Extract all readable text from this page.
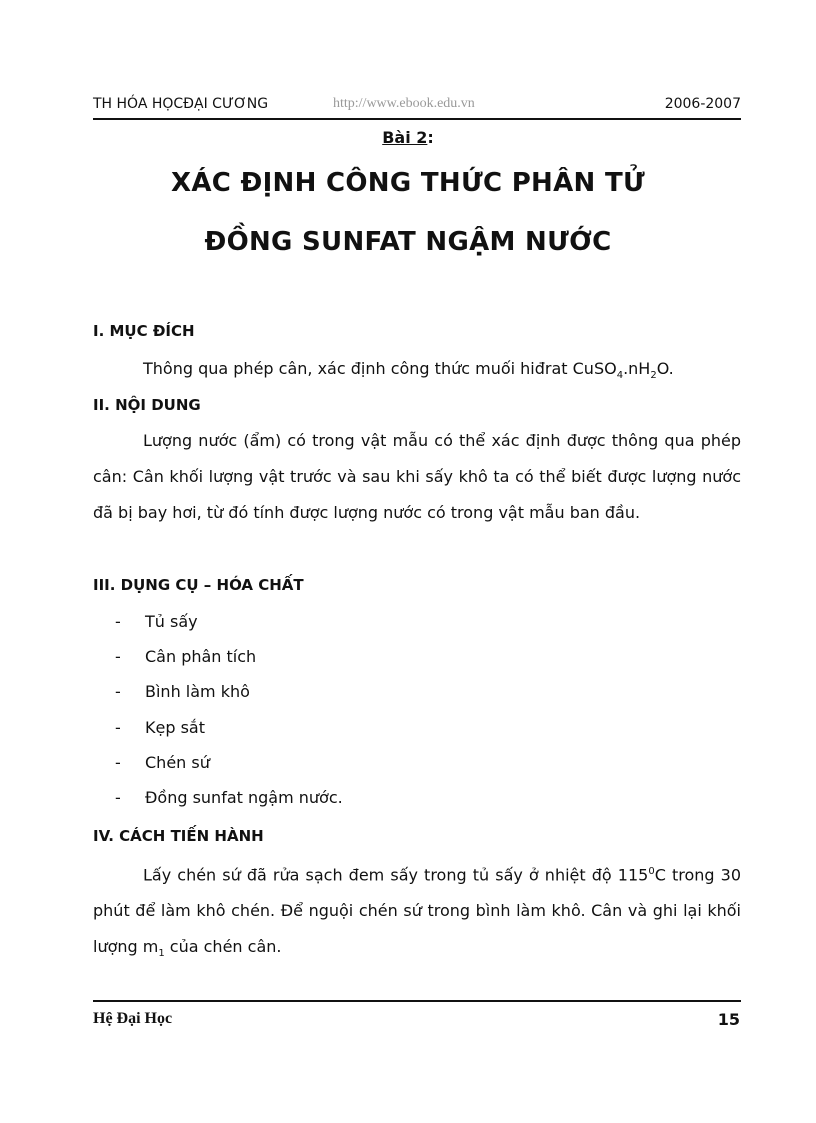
TH HÓA HỌCĐẠI CƯƠNG	http://www.ebook.edu.vn	2006-2007
Bài 2:
XÁC ĐỊNH CÔNG THỨC PHÂN TỬ
ĐỒNG SUNFAT NGẬM NƯỚC
I. MỤC ĐÍCH
Thông qua phép cân, xác định công thức muối hiđrat $CuSO_4.nH_2O$.
II. NỘI DUNG
Lượng nước (ẩm) có trong vật mẫu có thể xác định được thông qua phép cân: Cân khối lượng vật trước và sau khi sấy khô ta có thể biết được lượng nước đã bị bay hơi, từ đó tính được lượng nước có trong vật mẫu ban đầu.
III. DỤNG CỤ – HÓA CHẤT
- Tủ sấy
- Cân phân tích
- Bình làm khô
- Kẹp sắt
- Chén sứ
- Đồng sunfat ngậm nước.
IV. CÁCH TIẾN HÀNH
Lấy chén sứ đã rửa sạch đem sấy trong tủ sấy ở nhiệt độ $115^0C$ trong 30 phút để làm khô chén. Để nguội chén sứ trong bình làm khô. Cân và ghi lại khối lượng $m_1$ của chén cân.
Hệ Đại Học	15
